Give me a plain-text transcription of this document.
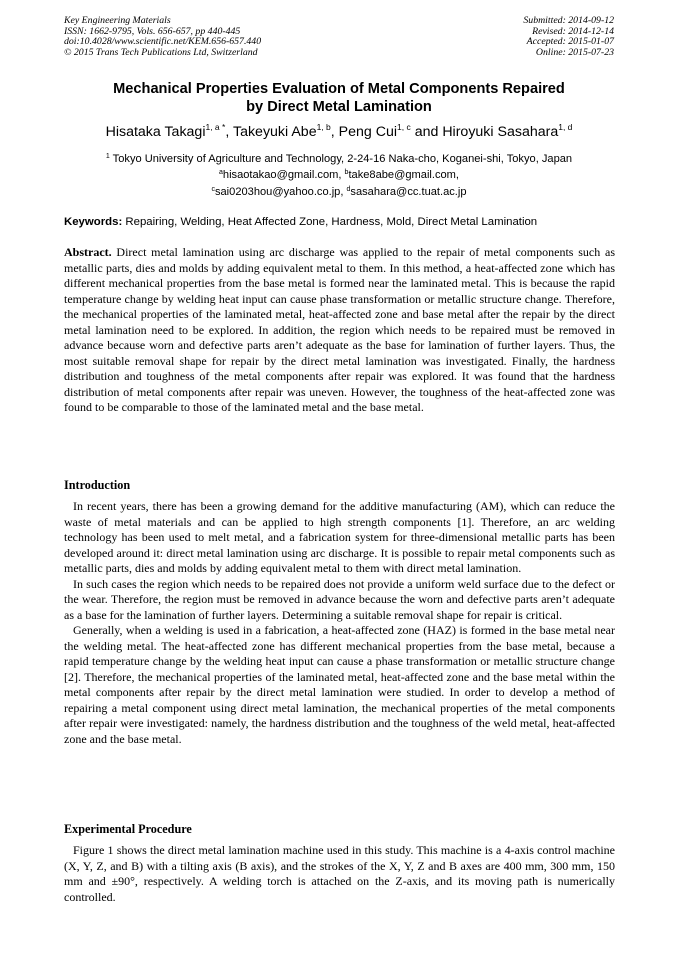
Key Engineering Materials
ISSN: 1662-9795, Vols. 656-657, pp 440-445
doi:10.4028/www.scientific.net/KEM.656-657.440
© 2015 Trans Tech Publications Ltd, Switzerland
Submitted: 2014-09-12
Revised: 2014-12-14
Accepted: 2015-01-07
Online: 2015-07-23
Mechanical Properties Evaluation of Metal Components Repaired
by Direct Metal Lamination
Hisataka Takagi$^{1, a *}$, Takeyuki Abe$^{1, b}$, Peng Cui$^{1, c}$ and Hiroyuki Sasahara$^{1, d}$
$^1$ Tokyo University of Agriculture and Technology, 2-24-16 Naka-cho, Koganei-shi, Tokyo, Japan
$^a$hisaotakao@gmail.com, $^b$take8abe@gmail.com,
$^c$sai0203hou@yahoo.co.jp, $^d$sasahara@cc.tuat.ac.jp
Keywords: Repairing, Welding, Heat Affected Zone, Hardness, Mold, Direct Metal Lamination

Abstract. Direct metal lamination using arc discharge was applied to the repair of metal components such as metallic parts, dies and molds by adding equivalent metal to them. In this method, a heat-affected zone which has different mechanical properties from the base metal is formed near the laminated metal. This is because the rapid temperature change by welding heat input can cause phase transformation or metallic structure change. Therefore, the mechanical properties of the laminated metal, heat-affected zone and base metal after the repair by the direct metal lamination need to be explored. In addition, the region which needs to be repaired must be removed in advance because worn and defective parts aren’t adequate as the base for lamination of further layers. Thus, the most suitable removal shape for repair by the direct metal lamination was investigated. Finally, the hardness distribution and toughness of the metal components after repair was explored. It was found that the hardness distribution of metal components after repair was uneven. However, the toughness of the heat-affected zone was found to be comparable to those of the laminated metal and the base metal.

Introduction

In recent years, there has been a growing demand for the additive manufacturing (AM), which can reduce the waste of metal materials and can be applied to high strength components [1]. Therefore, an arc welding technology has been used to melt metal, and a fabrication system for three-dimensional metallic parts has been developed around it: direct metal lamination using arc discharge. It is possible to repair metal components such as metallic parts, dies and molds by adding equivalent metal to them with direct metal lamination.

In such cases the region which needs to be repaired does not provide a uniform weld surface due to the defect or the wear. Therefore, the region must be removed in advance because the worn and defective parts aren’t adequate as a base for the lamination of further layers. Determining a suitable removal shape for repair is critical.

Generally, when a welding is used in a fabrication, a heat-affected zone (HAZ) is formed in the base metal near the welding metal. The heat-affected zone has different mechanical properties from the base metal, because a rapid temperature change by the welding heat input can cause a phase transformation or metallic structure change [2]. Therefore, the mechanical properties of the laminated metal, heat-affected zone and the base metal within the metal components after repair by the direct metal lamination were studied. In order to develop a method of repairing a metal component using direct metal lamination, the mechanical properties of the metal components after repair were investigated: namely, the hardness distribution and the toughness of the weld metal, heat-affected zone and the base metal.

Experimental Procedure

Figure 1 shows the direct metal lamination machine used in this study. This machine is a 4-axis control machine (X, Y, Z, and B) with a tilting axis (B axis), and the strokes of the X, Y, Z and B axes are 400 mm, 300 mm, 150 mm and ±90°, respectively. A welding torch is attached on the Z-axis, and its moving path is numerically controlled.
